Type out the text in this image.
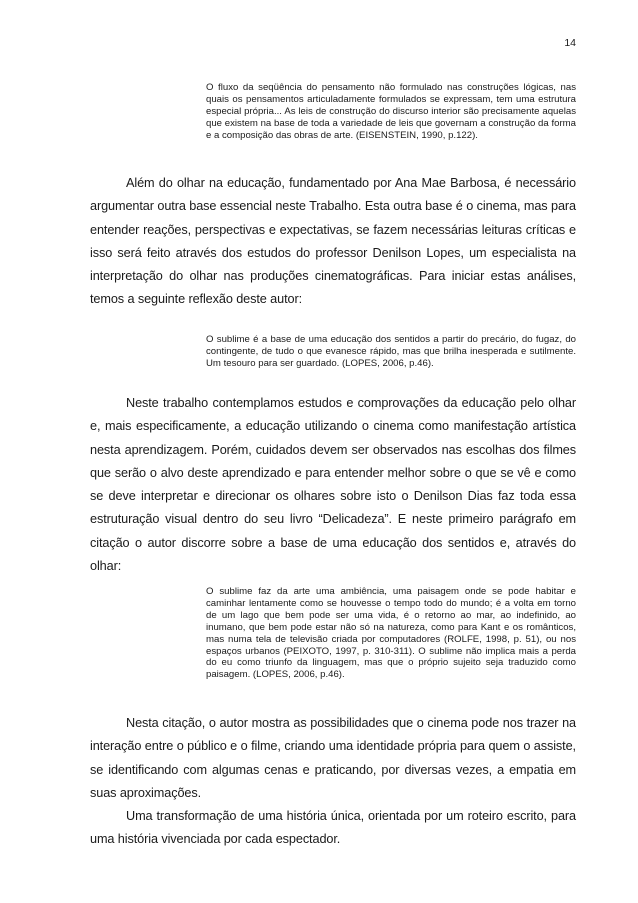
14
O fluxo da seqüência do pensamento não formulado nas construções lógicas, nas quais os pensamentos articuladamente formulados se expressam, tem uma estrutura especial própria... As leis de construção do discurso interior são precisamente aquelas que existem na base de toda a variedade de leis que governam a construção da forma e a composição das obras de arte. (EISENSTEIN, 1990, p.122).

Além do olhar na educação, fundamentado por Ana Mae Barbosa, é necessário argumentar outra base essencial neste Trabalho. Esta outra base é o cinema, mas para entender reações, perspectivas e expectativas, se fazem necessárias leituras críticas e isso será feito através dos estudos do professor Denilson Lopes, um especialista na interpretação do olhar nas produções cinematográficas. Para iniciar estas análises, temos a seguinte reflexão deste autor:

O sublime é a base de uma educação dos sentidos a partir do precário, do fugaz, do contingente, de tudo o que evanesce rápido, mas que brilha inesperada e sutilmente. Um tesouro para ser guardado. (LOPES, 2006, p.46).

Neste trabalho contemplamos estudos e comprovações da educação pelo olhar e, mais especificamente, a educação utilizando o cinema como manifestação artística nesta aprendizagem. Porém, cuidados devem ser observados nas escolhas dos filmes que serão o alvo deste aprendizado e para entender melhor sobre o que se vê e como se deve interpretar e direcionar os olhares sobre isto o Denilson Dias faz toda essa estruturação visual dentro do seu livro “Delicadeza”. E neste primeiro parágrafo em citação o autor discorre sobre a base de uma educação dos sentidos e, através do olhar:

O sublime faz da arte uma ambiência, uma paisagem onde se pode habitar e caminhar lentamente como se houvesse o tempo todo do mundo; é a volta em torno de um lago que bem pode ser uma vida, é o retorno ao mar, ao indefinido, ao inumano, que bem pode estar não só na natureza, como para Kant e os românticos, mas numa tela de televisão criada por computadores (ROLFE, 1998, p. 51), ou nos espaços urbanos (PEIXOTO, 1997, p. 310-311). O sublime não implica mais a perda do eu como triunfo da linguagem, mas que o próprio sujeito seja traduzido como paisagem. (LOPES, 2006, p.46).

Nesta citação, o autor mostra as possibilidades que o cinema pode nos trazer na interação entre o público e o filme, criando uma identidade própria para quem o assiste, se identificando com algumas cenas e praticando, por diversas vezes, a empatia em suas aproximações.

Uma transformação de uma história única, orientada por um roteiro escrito, para uma história vivenciada por cada espectador.
